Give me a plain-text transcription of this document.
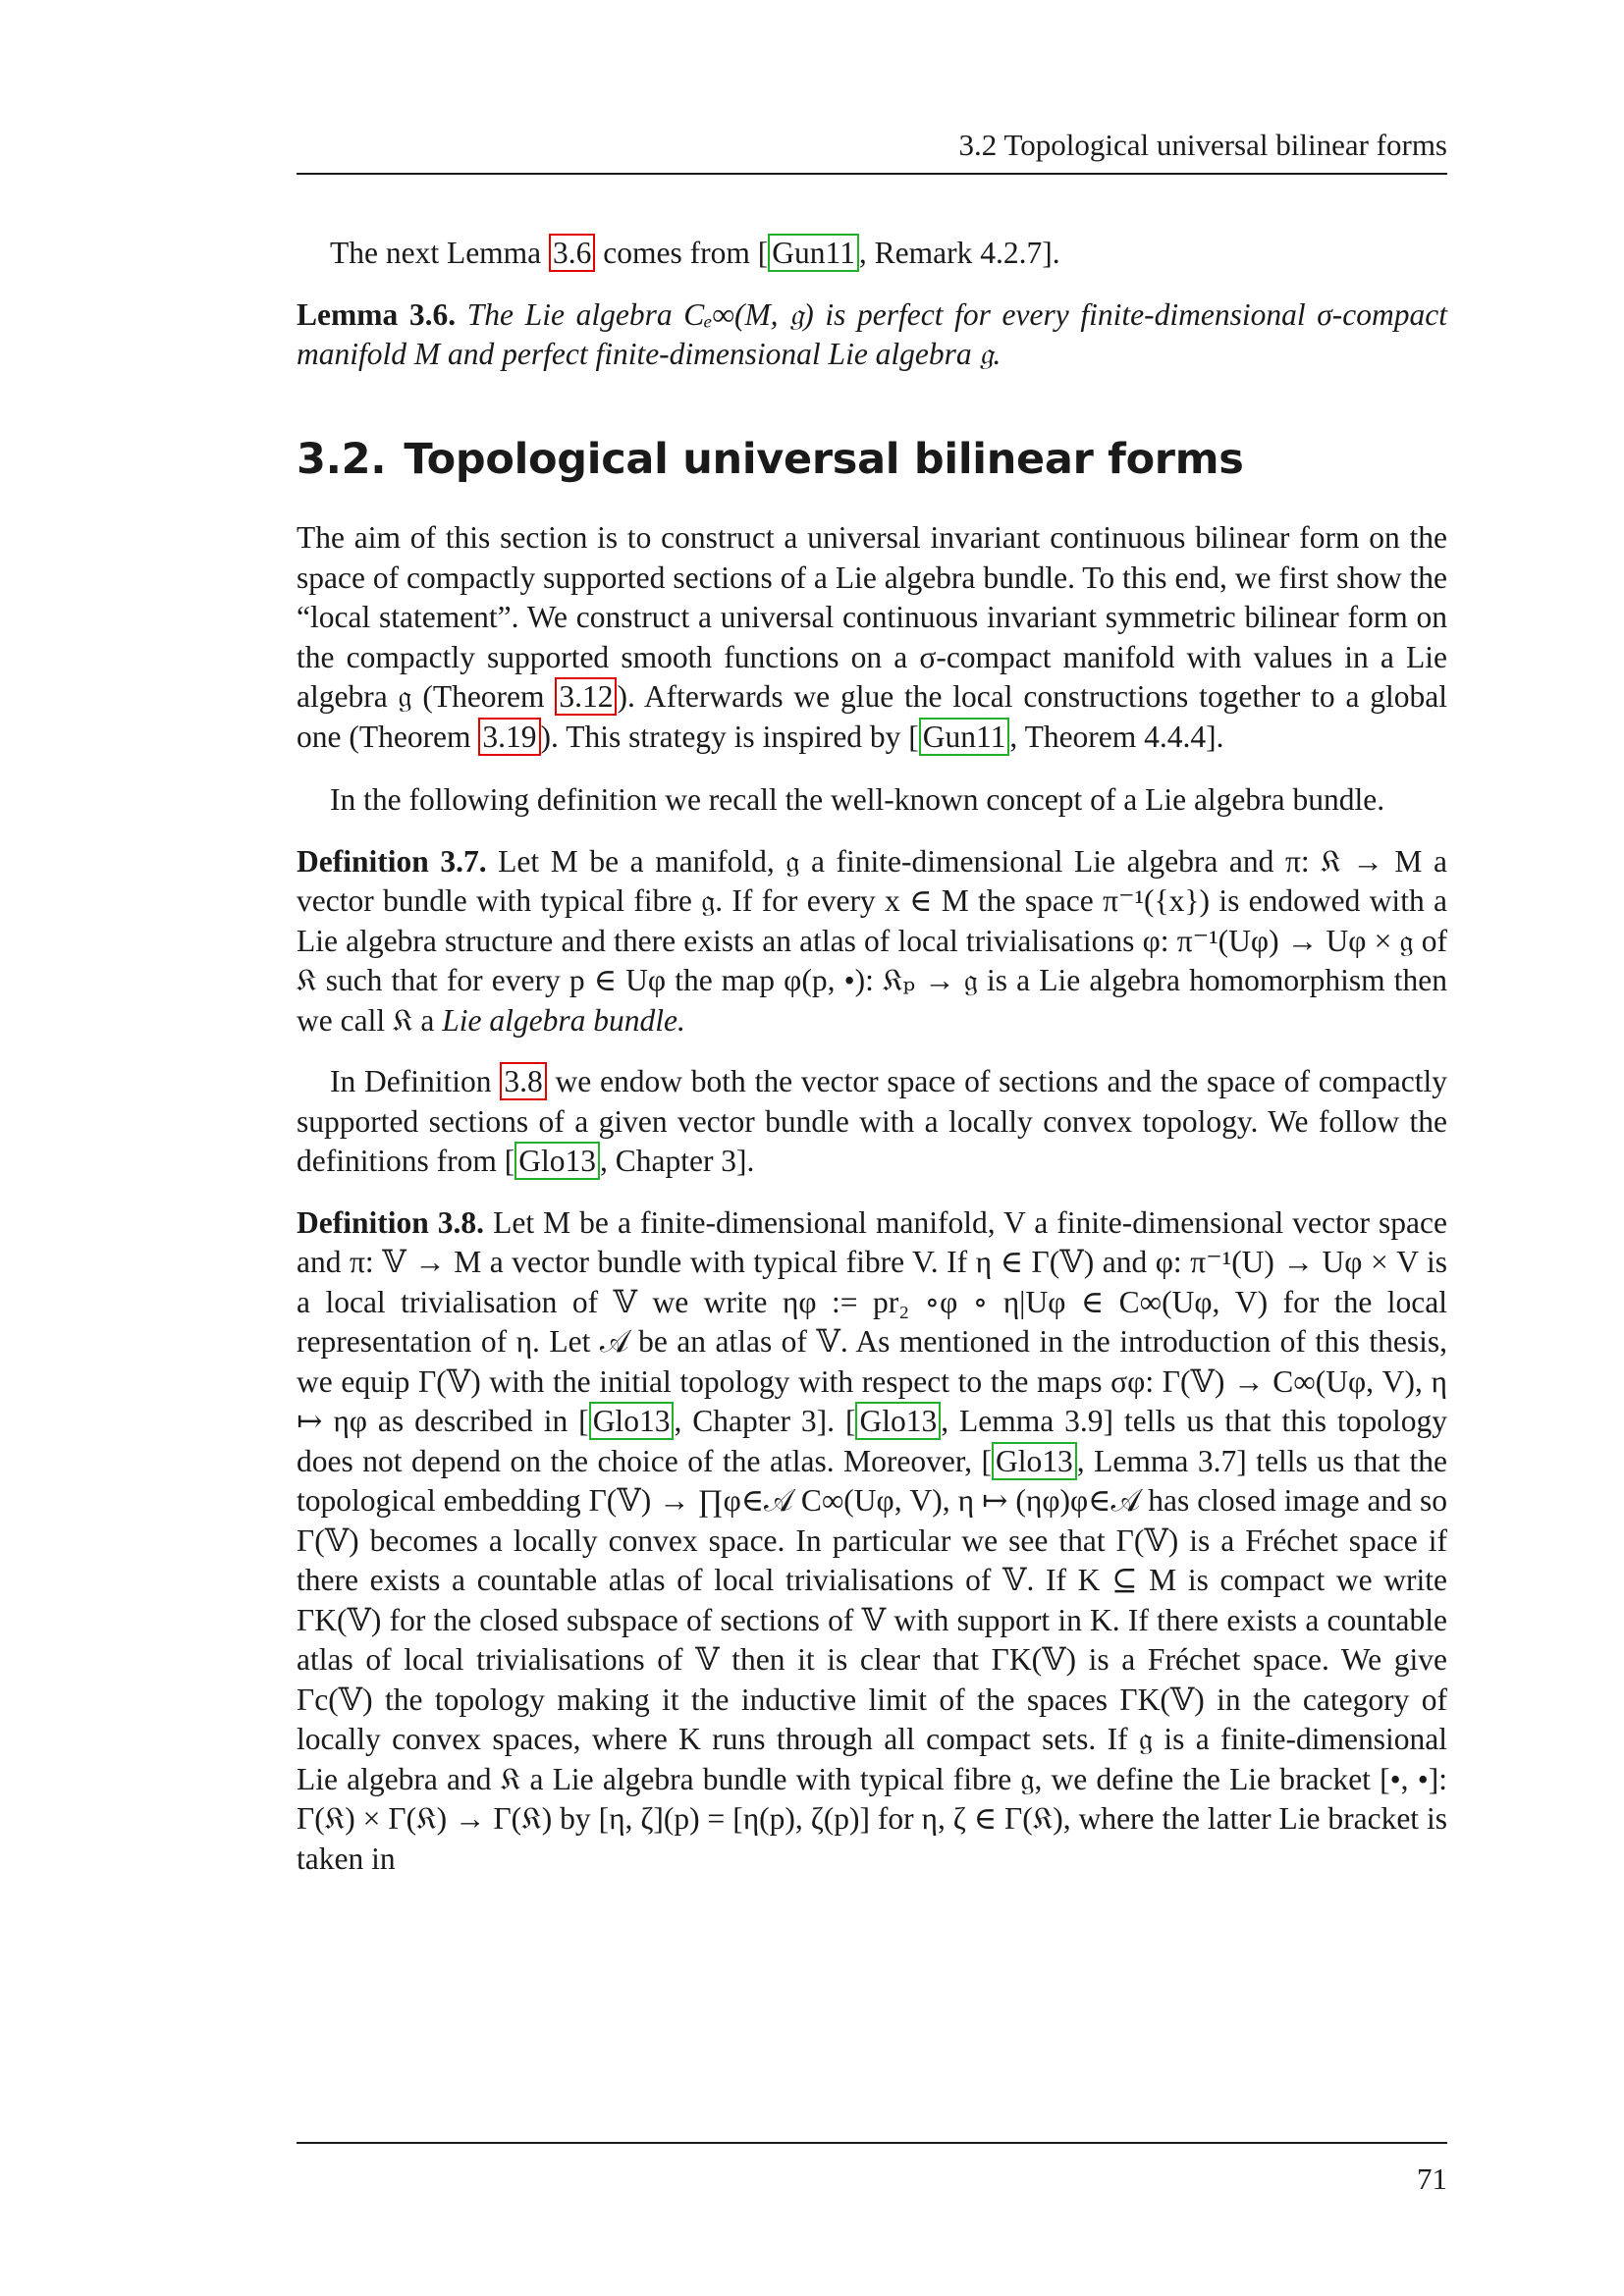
3.2 Topological universal bilinear forms

The next Lemma 3.6 comes from [ Gun11 , Remark 4.2.7].

Lemma 3.6. The Lie algebra Cₑ∞(M, 𝔤) is perfect for every finite-dimensional σ-compact manifold M and perfect finite-dimensional Lie algebra 𝔤.

3.2. Topological universal bilinear forms

The aim of this section is to construct a universal invariant continuous bilinear form on the space of compactly supported sections of a Lie algebra bundle. To this end, we first show the “local statement”. We construct a universal continuous invariant symmetric bilinear form on the compactly supported smooth functions on a σ-compact manifold with values in a Lie algebra 𝔤 (Theorem 3.12 ). Afterwards we glue the local constructions together to a global one (Theorem 3.19 ). This strategy is inspired by [ Gun11 , Theorem 4.4.4].

In the following definition we recall the well-known concept of a Lie algebra bundle.

Definition 3.7. Let M be a manifold, 𝔤 a finite-dimensional Lie algebra and π: 𝔎 → M a vector bundle with typical fibre 𝔤. If for every x ∈ M the space π⁻¹({x}) is endowed with a Lie algebra structure and there exists an atlas of local trivialisations φ: π⁻¹(Uφ) → Uφ × 𝔤 of 𝔎 such that for every p ∈ Uφ the map φ(p, •): 𝔎ₚ → 𝔤 is a Lie algebra homomorphism then we call 𝔎 a Lie algebra bundle.

In Definition 3.8 we endow both the vector space of sections and the space of compactly supported sections of a given vector bundle with a locally convex topology. We follow the definitions from [ Glo13 , Chapter 3].

Definition 3.8. Let M be a finite-dimensional manifold, V a finite-dimensional vector space and π: 𝕍 → M a vector bundle with typical fibre V. If η ∈ Γ(𝕍) and φ: π⁻¹(U) → Uφ × V is a local trivialisation of 𝕍 we write ηφ := pr₂ ∘φ ∘ η|Uφ ∈ C∞(Uφ, V) for the local representation of η. Let 𝒜 be an atlas of 𝕍. As mentioned in the introduction of this thesis, we equip Γ(𝕍) with the initial topology with respect to the maps σφ: Γ(𝕍) → C∞(Uφ, V), η ↦ ηφ as described in [ Glo13 , Chapter 3]. [ Glo13 , Lemma 3.9] tells us that this topology does not depend on the choice of the atlas. Moreover, [ Glo13 , Lemma 3.7] tells us that the topological embedding Γ(𝕍) → ∏φ∈𝒜 C∞(Uφ, V), η ↦ (ηφ)φ∈𝒜 has closed image and so Γ(𝕍) becomes a locally convex space. In particular we see that Γ(𝕍) is a Fréchet space if there exists a countable atlas of local trivialisations of 𝕍. If K ⊆ M is compact we write ΓK(𝕍) for the closed subspace of sections of 𝕍 with support in K. If there exists a countable atlas of local trivialisations of 𝕍 then it is clear that ΓK(𝕍) is a Fréchet space. We give Γc(𝕍) the topology making it the inductive limit of the spaces ΓK(𝕍) in the category of locally convex spaces, where K runs through all compact sets. If 𝔤 is a finite-dimensional Lie algebra and 𝔎 a Lie algebra bundle with typical fibre 𝔤, we define the Lie bracket [•, •]: Γ(𝔎) × Γ(𝔎) → Γ(𝔎) by [η, ζ](p) = [η(p), ζ(p)] for η, ζ ∈ Γ(𝔎), where the latter Lie bracket is taken in

71
